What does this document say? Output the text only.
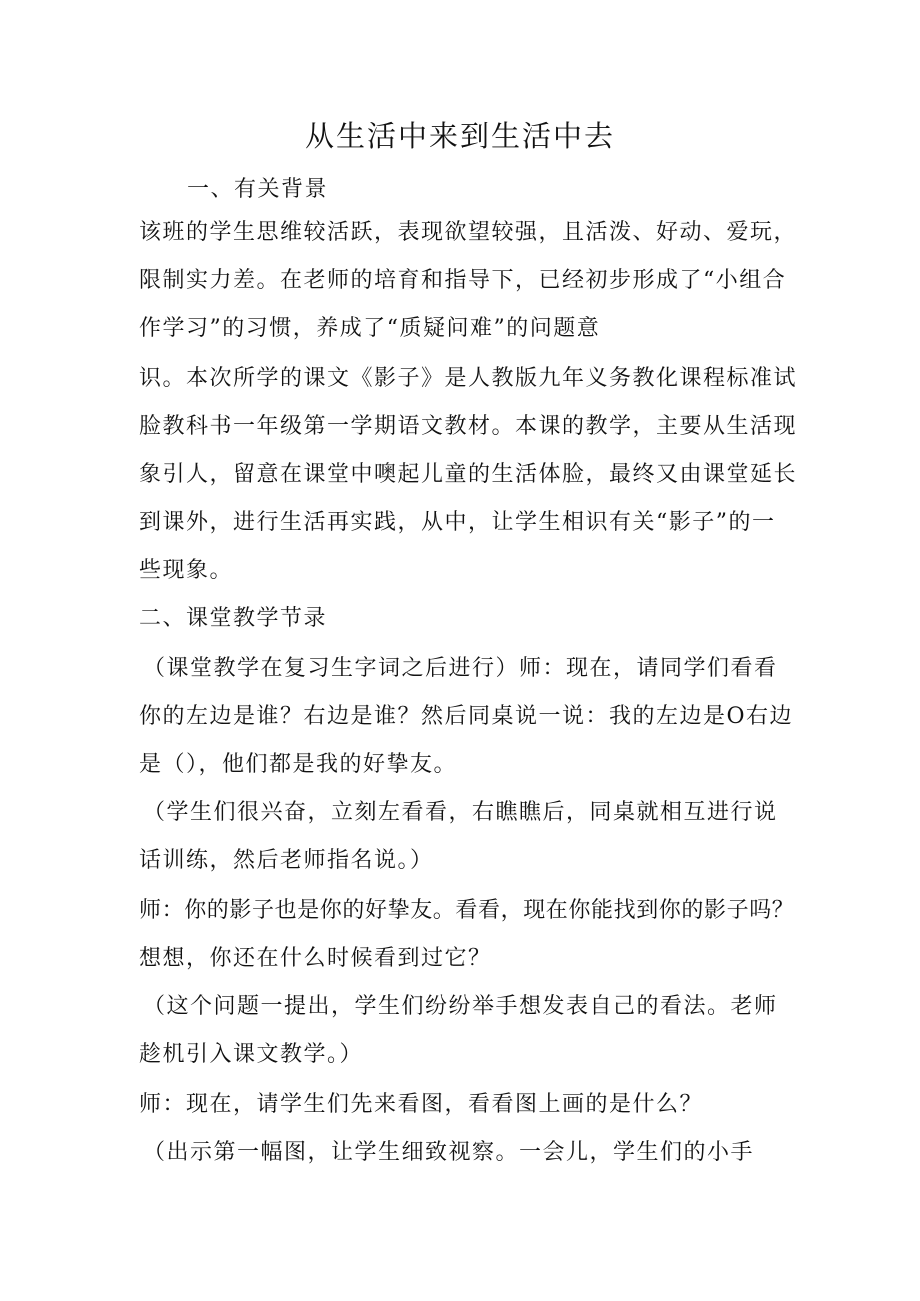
从生活中来到生活中去
一、有关背景
该班的学生思维较活跃，表现欲望较强，且活泼、好动、爱玩，
限制实力差。在老师的培育和指导下，已经初步形成了“小组合
作学习”的习惯，养成了“质疑问难”的问题意
识。本次所学的课文《影子》是人教版九年义务教化课程标准试
脸教科书一年级第一学期语文教材。本课的教学，主要从生活现
象引人，留意在课堂中噢起儿童的生活体脸，最终又由课堂延长
到课外，进行生活再实践，从中，让学生相识有关“影子”的一
些现象。
二、课堂教学节录
（课堂教学在复习生字词之后进行）师：现在，请同学们看看
你的左边是谁？右边是谁？然后同桌说一说：我的左边是O右边
是（），他们都是我的好挚友。
（学生们很兴奋，立刻左看看，右瞧瞧后，同桌就相互进行说
话训练，然后老师指名说。）
师：你的影子也是你的好挚友。看看，现在你能找到你的影子吗？
想想，你还在什么时候看到过它？
（这个问题一提出，学生们纷纷举手想发表自己的看法。老师
趁机引入课文教学。）
师：现在，请学生们先来看图，看看图上画的是什么？
（出示第一幅图，让学生细致视察。一会儿，学生们的小手
